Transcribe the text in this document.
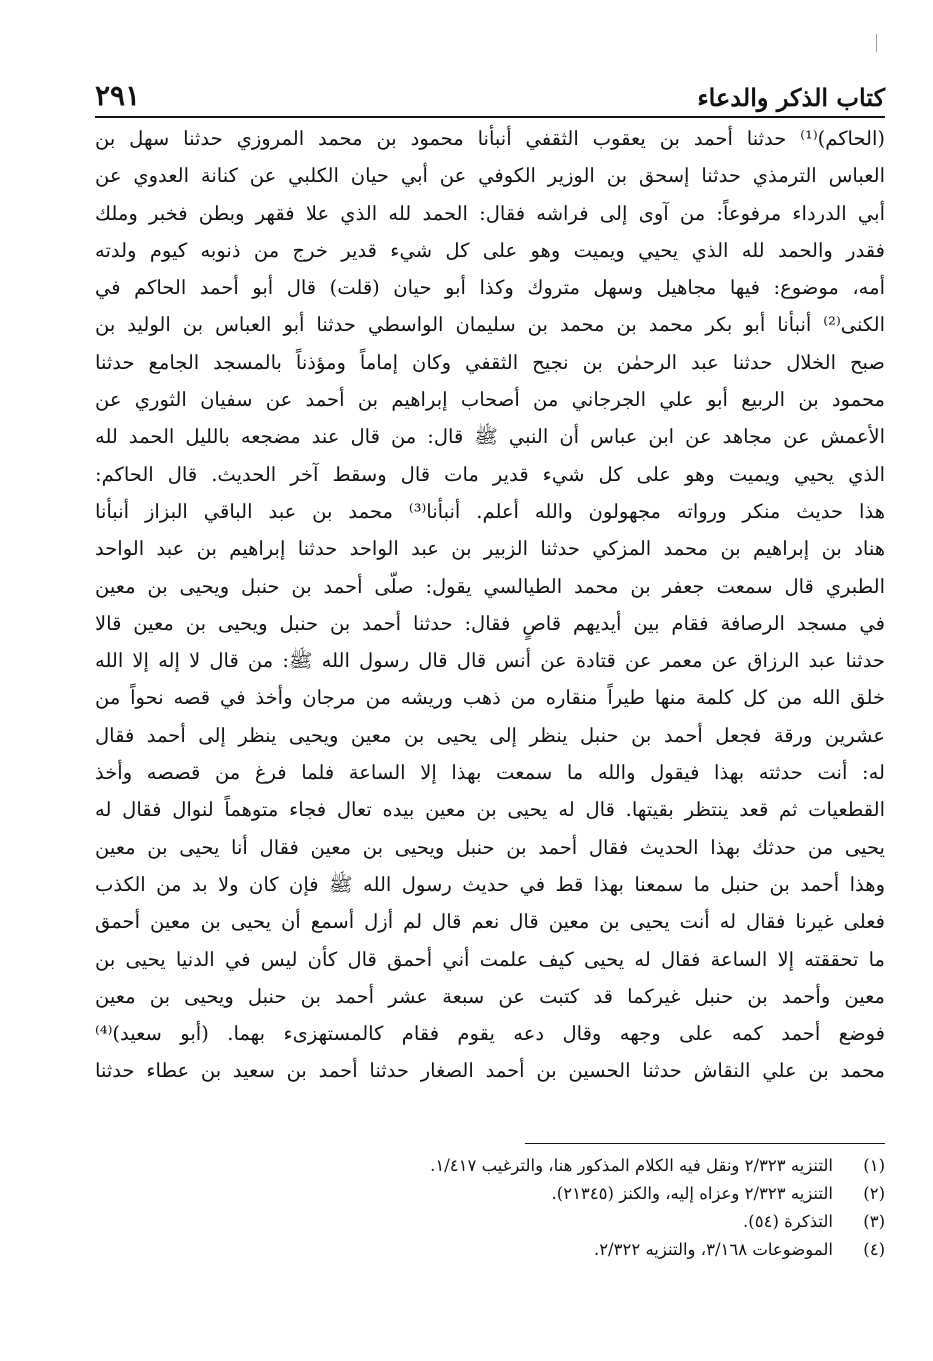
٢٩١	كتاب الذكر والدعاء
(الحاكم)⁽¹⁾ حدثنا أحمد بن يعقوب الثقفي أنبأنا محمود بن محمد المروزي حدثنا سهل بن
العباس الترمذي حدثنا إسحق بن الوزير الكوفي عن أبي حيان الكلبي عن كنانة العدوي عن
أبي الدرداء مرفوعاً: من آوى إلى فراشه فقال: الحمد لله الذي علا فقهر وبطن فخبر وملك
فقدر والحمد لله الذي يحيي ويميت وهو على كل شيء قدير خرج من ذنوبه كيوم ولدته
أمه، موضوع: فيها مجاهيل وسهل متروك وكذا أبو حيان (قلت) قال أبو أحمد الحاكم في
الكنى⁽²⁾ أنبأنا أبو بكر محمد بن محمد بن سليمان الواسطي حدثنا أبو العباس بن الوليد بن
صبح الخلال حدثنا عبد الرحمٰن بن نجيح الثقفي وكان إماماً ومؤذناً بالمسجد الجامع حدثنا
محمود بن الربيع أبو علي الجرجاني من أصحاب إبراهيم بن أحمد عن سفيان الثوري عن
الأعمش عن مجاهد عن ابن عباس أن النبي ﷺ قال: من قال عند مضجعه بالليل الحمد لله
الذي يحيي ويميت وهو على كل شيء قدير مات قال وسقط آخر الحديث. قال الحاكم:
هذا حديث منكر ورواته مجهولون والله أعلم. أنبأنا⁽³⁾ محمد بن عبد الباقي البزاز أنبأنا
هناد بن إبراهيم بن محمد المزكي حدثنا الزبير بن عبد الواحد حدثنا إبراهيم بن عبد الواحد
الطبري قال سمعت جعفر بن محمد الطيالسي يقول: صلّى أحمد بن حنبل ويحيى بن معين
في مسجد الرصافة فقام بين أيديهم قاصٍ فقال: حدثنا أحمد بن حنبل ويحيى بن معين قالا
حدثنا عبد الرزاق عن معمر عن قتادة عن أنس قال قال رسول الله ﷺ: من قال لا إله إلا الله
خلق الله من كل كلمة منها طيراً منقاره من ذهب وريشه من مرجان وأخذ في قصه نحواً من
عشرين ورقة فجعل أحمد بن حنبل ينظر إلى يحيى بن معين ويحيى ينظر إلى أحمد فقال
له: أنت حدثته بهذا فيقول والله ما سمعت بهذا إلا الساعة فلما فرغ من قصصه وأخذ
القطعيات ثم قعد ينتظر بقيتها. قال له يحيى بن معين بيده تعال فجاء متوهماً لنوال فقال له
يحيى من حدثك بهذا الحديث فقال أحمد بن حنبل ويحيى بن معين فقال أنا يحيى بن معين
وهذا أحمد بن حنبل ما سمعنا بهذا قط في حديث رسول الله ﷺ فإن كان ولا بد من الكذب
فعلى غيرنا فقال له أنت يحيى بن معين قال نعم قال لم أزل أسمع أن يحيى بن معين أحمق
ما تحققته إلا الساعة فقال له يحيى كيف علمت أني أحمق قال كأن ليس في الدنيا يحيى بن
معين وأحمد بن حنبل غيركما قد كتبت عن سبعة عشر أحمد بن حنبل ويحيى بن معين
فوضع أحمد كمه على وجهه وقال دعه يقوم فقام كالمستهزىء بهما. (أبو سعيد)⁽⁴⁾
محمد بن علي النقاش حدثنا الحسين بن أحمد الصغار حدثنا أحمد بن سعيد بن عطاء حدثنا
(١)
التنزيه ٢/٣٢٣ ونقل فيه الكلام المذكور هنا، والترغيب ١/٤١٧.
(٢)
التنزيه ٢/٣٢٣ وعزاه إليه، والكنز (٢١٣٤٥).
(٣)
التذكرة (٥٤).
(٤)
الموضوعات ٣/١٦٨، والتنزيه ٢/٣٢٢.
